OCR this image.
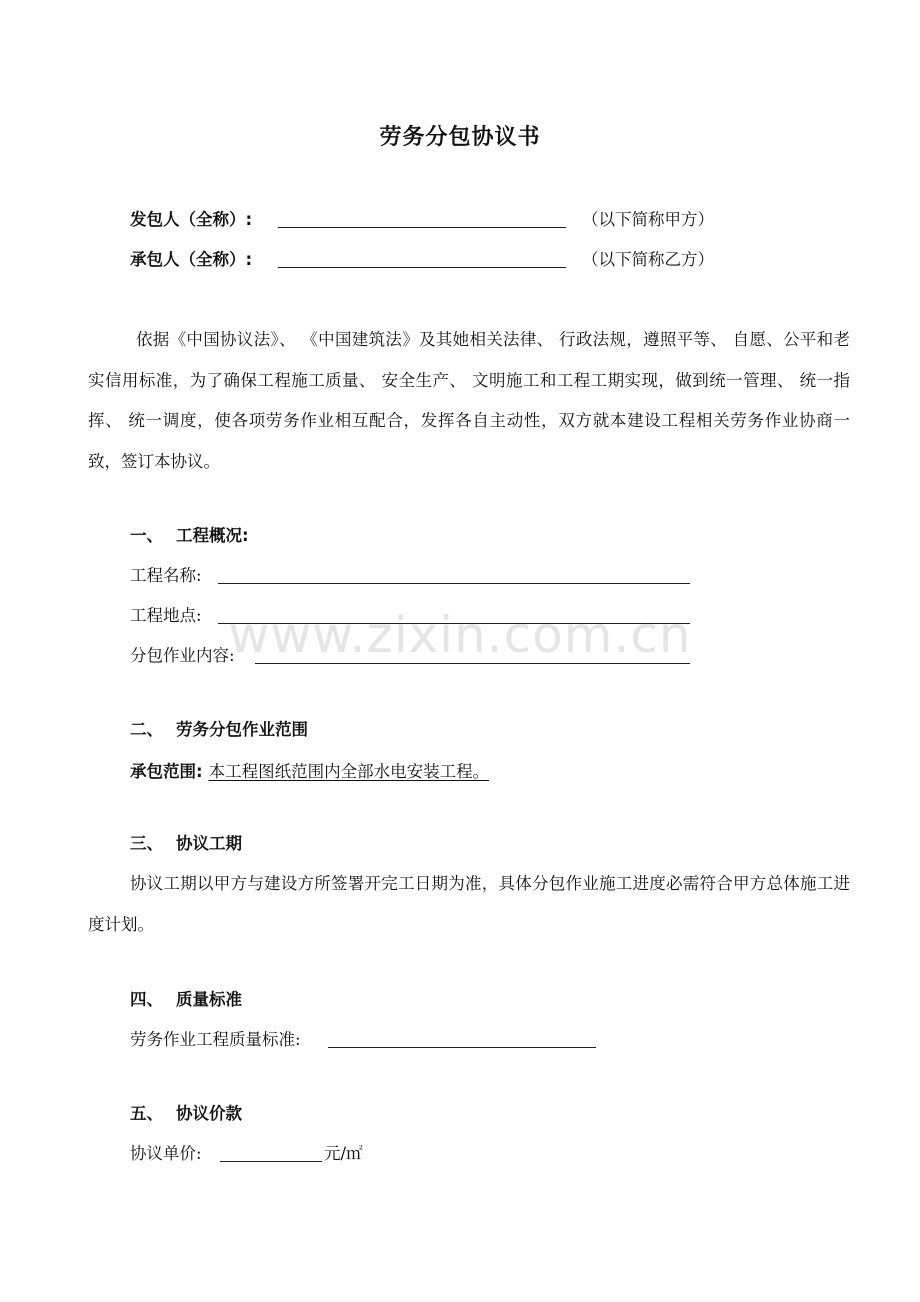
劳务分包协议书
发包人（全称）:	（以下简称甲方）
承包人（全称）:	（以下简称乙方）

依据《中国协议法》、 《中国建筑法》及其她相关法律、 行政法规，遵照平等、 自愿、公平和老实信用标准，为了确保工程施工质量、 安全生产、 文明施工和工程工期实现，做到统一管理、 统一指挥、 统一调度，使各项劳务作业相互配合，发挥各自主动性，双方就本建设工程相关劳务作业协商一致，签订本协议。

一、 工程概况:
工程名称:
工程地点:
分包作业内容:
www.zixin.com.cn
二、 劳务分包作业范围
承包范围: 本工程图纸范围内全部水电安装工程。
三、 协议工期

协议工期以甲方与建设方所签署开完工日期为准，具体分包作业施工进度必需符合甲方总体施工进度计划。

四、 质量标准
劳务作业工程质量标准:
五、 协议价款
协议单价:	元/㎡
